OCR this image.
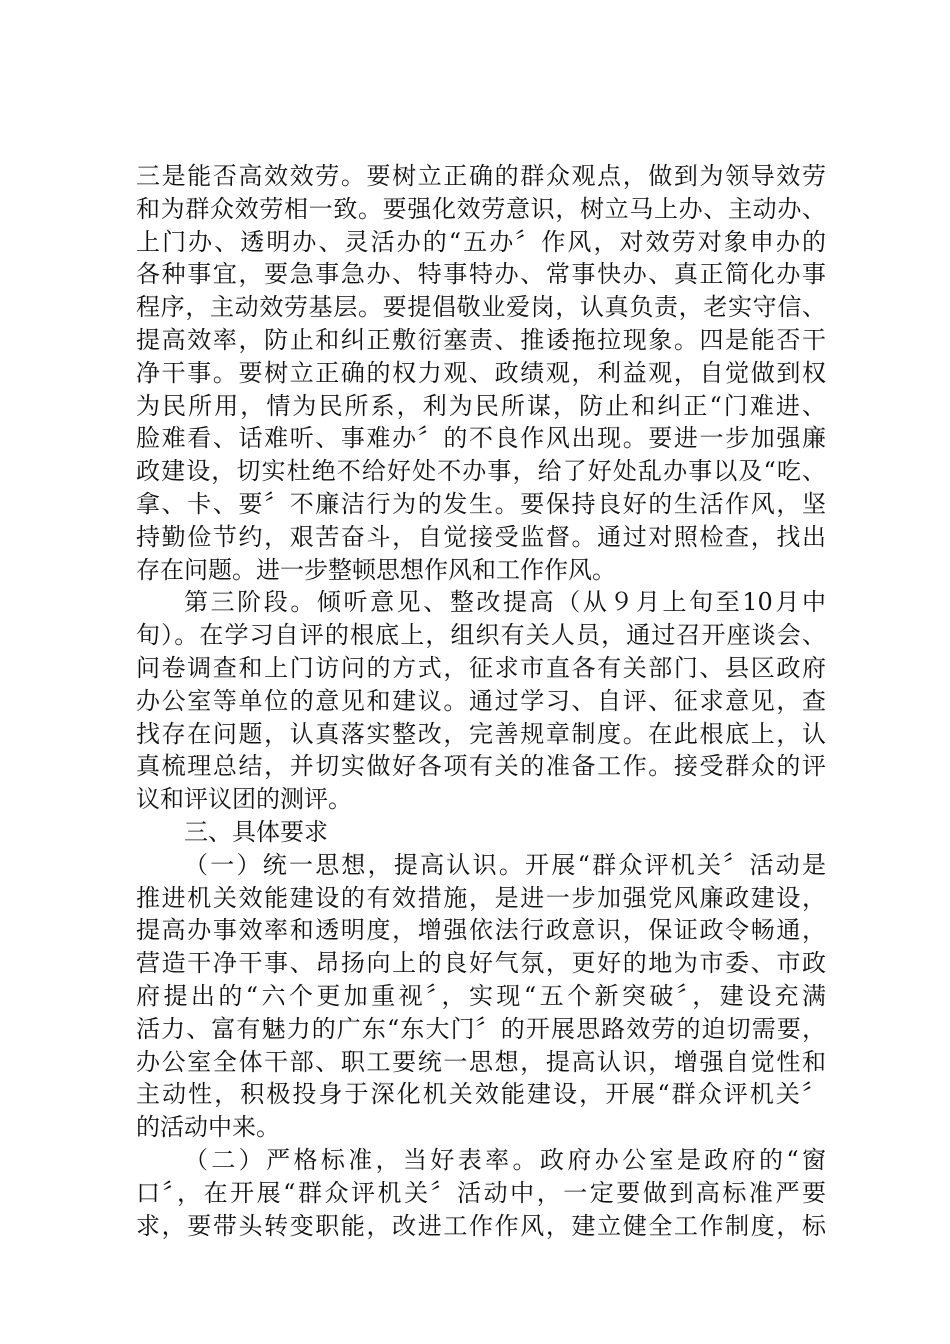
三是能否高效效劳。要树立正确的群众观点，做到为领导效劳
和为群众效劳相一致。要强化效劳意识，树立马上办、主动办、
上门办、透明办、灵活办的“五办〞作风，对效劳对象申办的
各种事宜，要急事急办、特事特办、常事快办、真正简化办事
程序，主动效劳基层。要提倡敬业爱岗，认真负责，老实守信、
提高效率，防止和纠正敷衍塞责、推诿拖拉现象。四是能否干
净干事。要树立正确的权力观、政绩观，利益观，自觉做到权
为民所用，情为民所系，利为民所谋，防止和纠正“门难进、
脸难看、话难听、事难办〞的不良作风出现。要进一步加强廉
政建设，切实杜绝不给好处不办事，给了好处乱办事以及“吃、
拿、卡、要〞不廉洁行为的发生。要保持良好的生活作风，坚
持勤俭节约，艰苦奋斗，自觉接受监督。通过对照检查，找出
存在问题。进一步整顿思想作风和工作作风。
第三阶段。倾听意见、整改提高（从９月上旬至10月中
旬）。在学习自评的根底上，组织有关人员，通过召开座谈会、
问卷调查和上门访问的方式，征求市直各有关部门、县区政府
办公室等单位的意见和建议。通过学习、自评、征求意见，查
找存在问题，认真落实整改，完善规章制度。在此根底上，认
真梳理总结，并切实做好各项有关的准备工作。接受群众的评
议和评议团的测评。
三、具体要求
（一）统一思想，提高认识。开展“群众评机关〞活动是
推进机关效能建设的有效措施，是进一步加强党风廉政建设，
提高办事效率和透明度，增强依法行政意识，保证政令畅通，
营造干净干事、昂扬向上的良好气氛，更好的地为市委、市政
府提出的“六个更加重视〞，实现“五个新突破〞，建设充满
活力、富有魅力的广东“东大门〞的开展思路效劳的迫切需要，
办公室全体干部、职工要统一思想，提高认识，增强自觉性和
主动性，积极投身于深化机关效能建设，开展“群众评机关〞
的活动中来。
（二）严格标准，当好表率。政府办公室是政府的“窗
口〞，在开展“群众评机关〞活动中，一定要做到高标准严要
求，要带头转变职能，改进工作作风，建立健全工作制度，标
